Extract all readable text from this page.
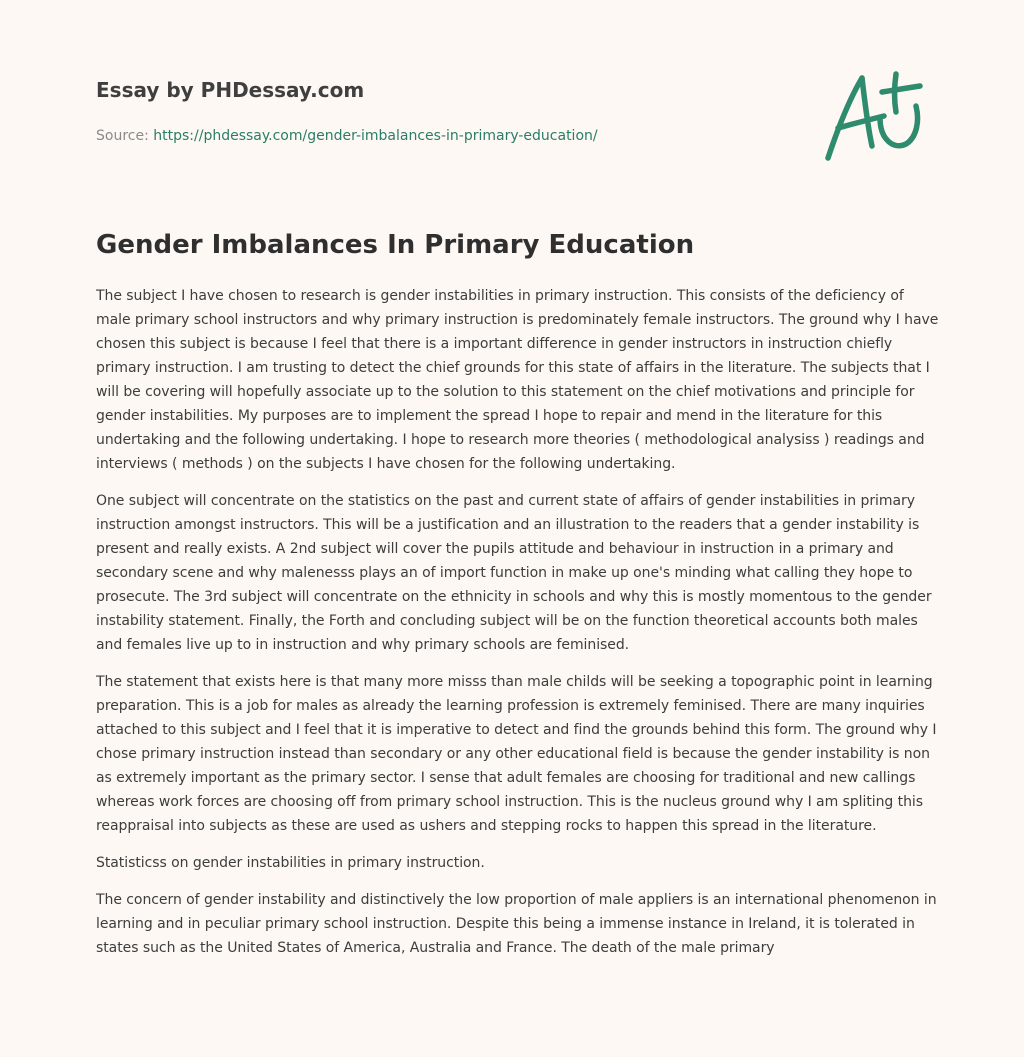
Essay by PHDessay.com
Source: https://phdessay.com/gender-imbalances-in-primary-education/
Gender Imbalances In Primary Education

The subject I have chosen to research is gender instabilities in primary instruction. This consists of the deficiency of male primary school instructors and why primary instruction is predominately female instructors. The ground why I have chosen this subject is because I feel that there is a important difference in gender instructors in instruction chiefly primary instruction. I am trusting to detect the chief grounds for this state of affairs in the literature. The subjects that I will be covering will hopefully associate up to the solution to this statement on the chief motivations and principle for gender instabilities. My purposes are to implement the spread I hope to repair and mend in the literature for this undertaking and the following undertaking. I hope to research more theories ( methodological analysiss ) readings and interviews ( methods ) on the subjects I have chosen for the following undertaking.

One subject will concentrate on the statistics on the past and current state of affairs of gender instabilities in primary instruction amongst instructors. This will be a justification and an illustration to the readers that a gender instability is present and really exists. A 2nd subject will cover the pupils attitude and behaviour in instruction in a primary and secondary scene and why malenesss plays an of import function in make up one's minding what calling they hope to prosecute. The 3rd subject will concentrate on the ethnicity in schools and why this is mostly momentous to the gender instability statement. Finally, the Forth and concluding subject will be on the function theoretical accounts both males and females live up to in instruction and why primary schools are feminised.

The statement that exists here is that many more misss than male childs will be seeking a topographic point in learning preparation. This is a job for males as already the learning profession is extremely feminised. There are many inquiries attached to this subject and I feel that it is imperative to detect and find the grounds behind this form. The ground why I chose primary instruction instead than secondary or any other educational field is because the gender instability is non as extremely important as the primary sector. I sense that adult females are choosing for traditional and new callings whereas work forces are choosing off from primary school instruction. This is the nucleus ground why I am spliting this reappraisal into subjects as these are used as ushers and stepping rocks to happen this spread in the literature.

Statisticss on gender instabilities in primary instruction.

The concern of gender instability and distinctively the low proportion of male appliers is an international phenomenon in learning and in peculiar primary school instruction. Despite this being a immense instance in Ireland, it is tolerated in states such as the United States of America, Australia and France. The death of the male primary
